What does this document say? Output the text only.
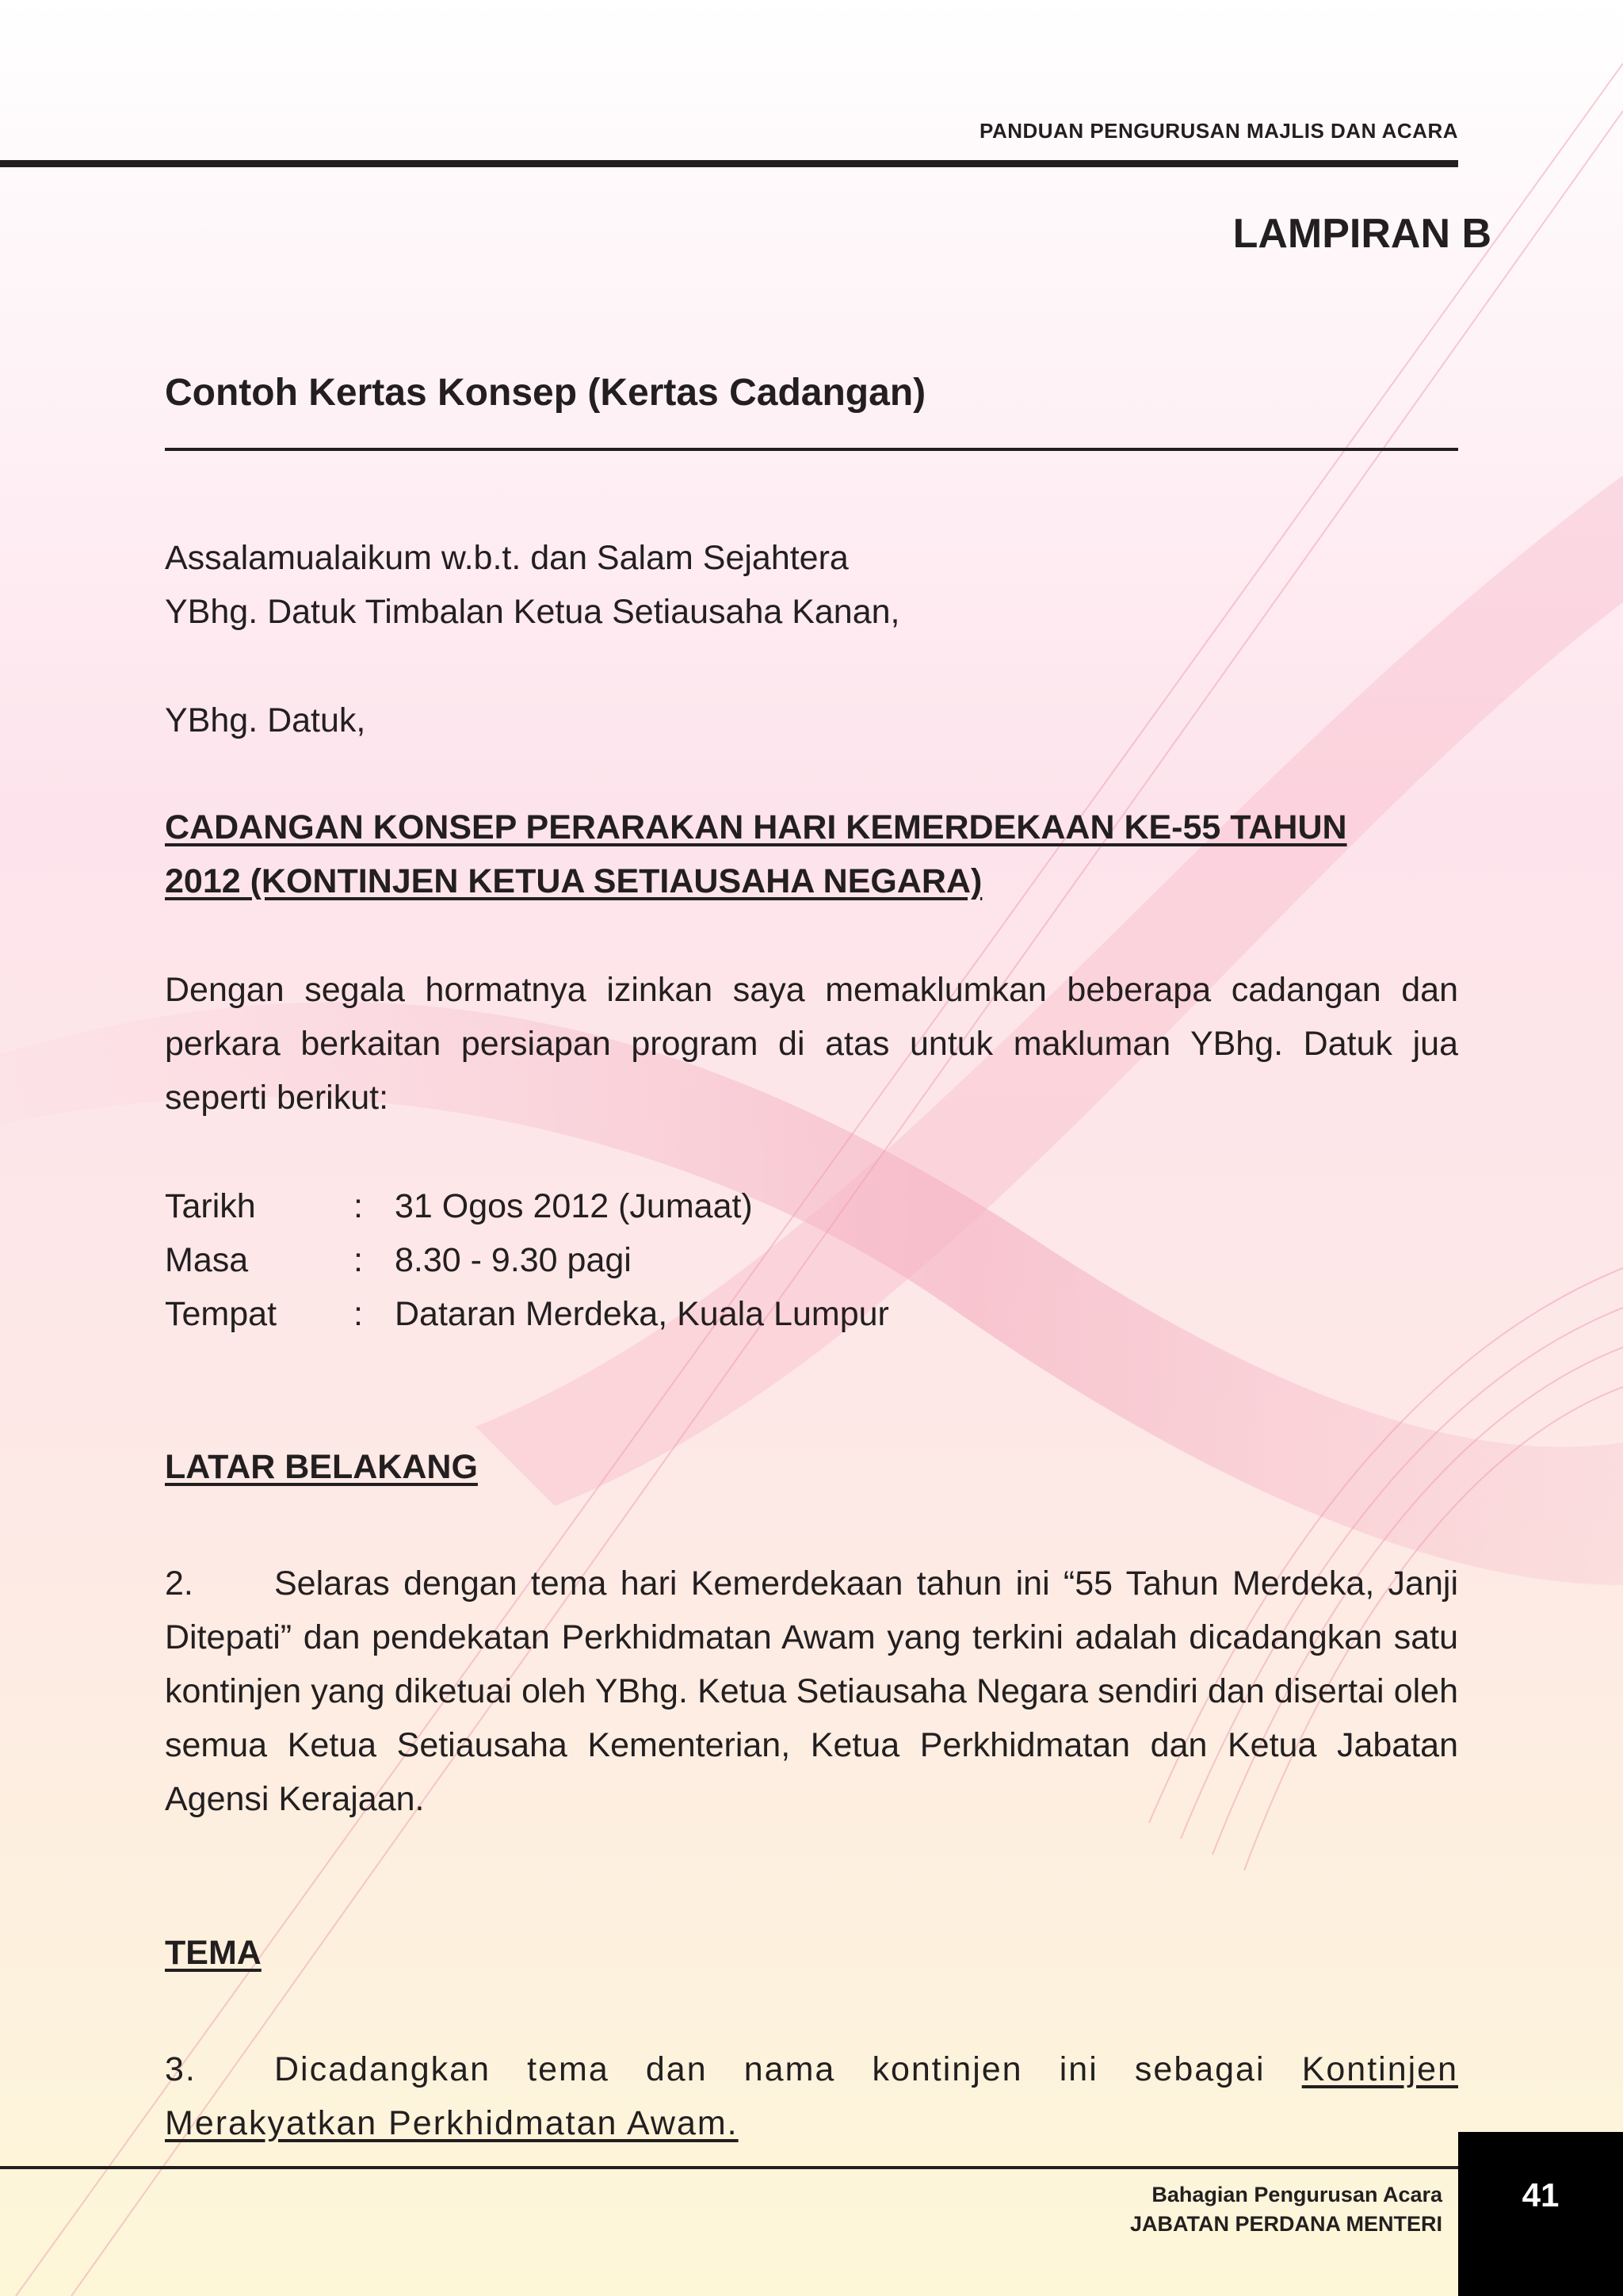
PANDUAN PENGURUSAN MAJLIS DAN ACARA
LAMPIRAN B
Contoh Kertas Konsep (Kertas Cadangan)
Assalamualaikum w.b.t. dan Salam Sejahtera
YBhg. Datuk Timbalan Ketua Setiausaha Kanan,
YBhg. Datuk,
CADANGAN KONSEP PERARAKAN HARI KEMERDEKAAN KE-55 TAHUN
2012 (KONTINJEN KETUA SETIAUSAHA NEGARA)
Dengan segala hormatnya izinkan saya memaklumkan beberapa cadangan dan perkara berkaitan persiapan program di atas untuk makluman YBhg. Datuk jua seperti berikut:
Tarikh	: 31 Ogos 2012 (Jumaat)
Masa	: 8.30 - 9.30 pagi
Tempat : Dataran Merdeka, Kuala Lumpur
LATAR BELAKANG
2. Selaras dengan tema hari Kemerdekaan tahun ini “55 Tahun Merdeka, Janji Ditepati” dan pendekatan Perkhidmatan Awam yang terkini adalah dicadangkan satu kontinjen yang diketuai oleh YBhg. Ketua Setiausaha Negara sendiri dan disertai oleh semua Ketua Setiausaha Kementerian, Ketua Perkhidmatan dan Ketua Jabatan Agensi Kerajaan.
TEMA
3. Dicadangkan tema dan nama kontinjen ini sebagai Kontinjen Merakyatkan Perkhidmatan Awam.
Bahagian Pengurusan Acara
JABATAN PERDANA MENTERI
41
